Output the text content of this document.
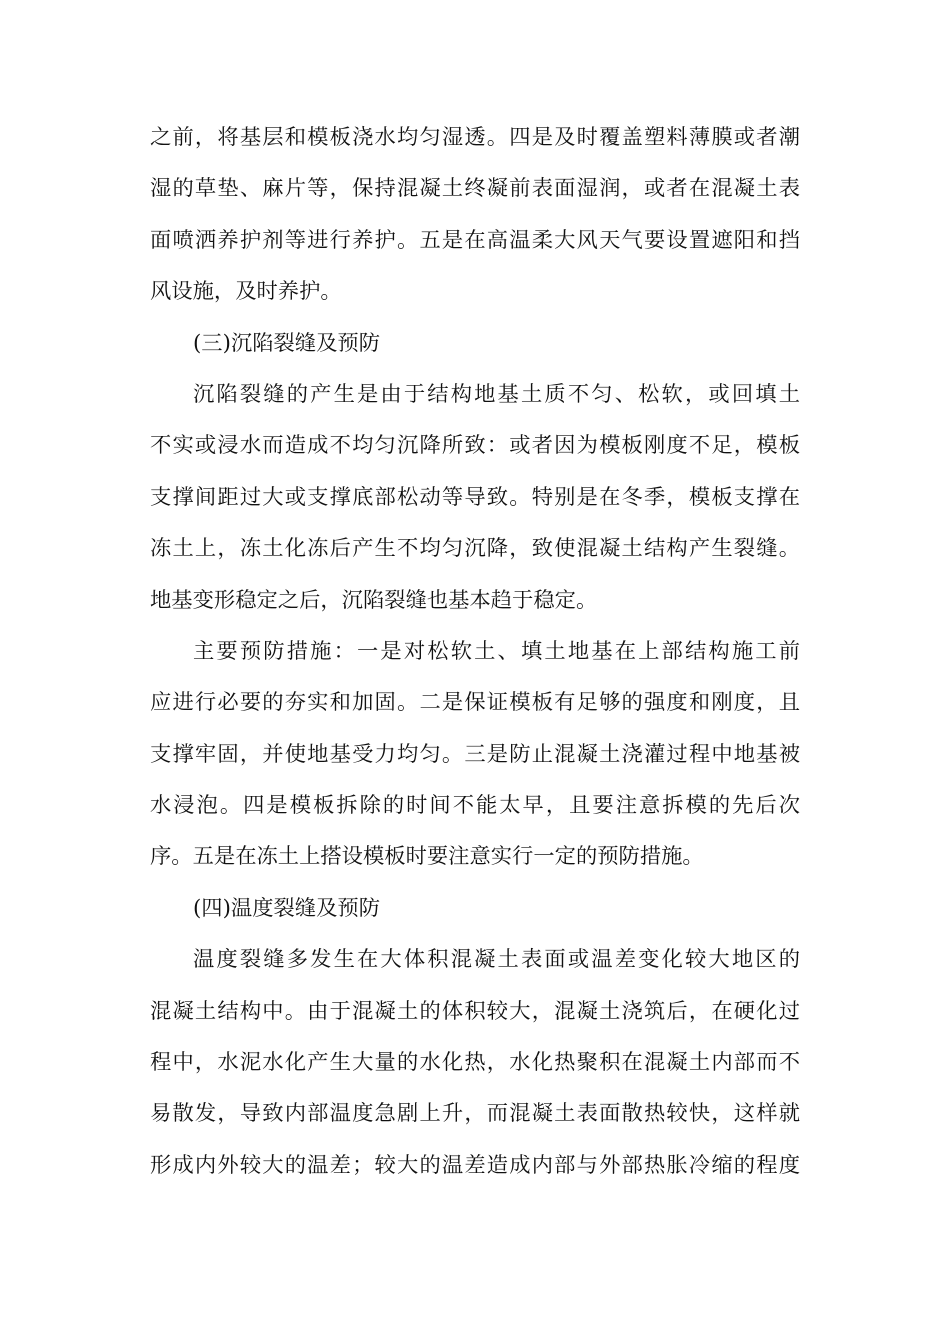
之前，将基层和模板浇水均匀湿透。四是及时覆盖塑料薄膜或者潮
湿的草垫、麻片等，保持混凝土终凝前表面湿润，或者在混凝土表
面喷洒养护剂等进行养护。五是在高温柔大风天气要设置遮阳和挡
风设施，及时养护。
(三)沉陷裂缝及预防
沉陷裂缝的产生是由于结构地基土质不匀、松软，或回填土
不实或浸水而造成不均匀沉降所致：或者因为模板刚度不足，模板
支撑间距过大或支撑底部松动等导致。特别是在冬季，模板支撑在
冻土上，冻土化冻后产生不均匀沉降，致使混凝土结构产生裂缝。
地基变形稳定之后，沉陷裂缝也基本趋于稳定。
主要预防措施：一是对松软土、填土地基在上部结构施工前
应进行必要的夯实和加固。二是保证模板有足够的强度和刚度，且
支撑牢固，并使地基受力均匀。三是防止混凝土浇灌过程中地基被
水浸泡。四是模板拆除的时间不能太早，且要注意拆模的先后次
序。五是在冻土上搭设模板时要注意实行一定的预防措施。
(四)温度裂缝及预防
温度裂缝多发生在大体积混凝土表面或温差变化较大地区的
混凝土结构中。由于混凝土的体积较大，混凝土浇筑后，在硬化过
程中，水泥水化产生大量的水化热，水化热聚积在混凝土内部而不
易散发，导致内部温度急剧上升，而混凝土表面散热较快，这样就
形成内外较大的温差；较大的温差造成内部与外部热胀冷缩的程度
